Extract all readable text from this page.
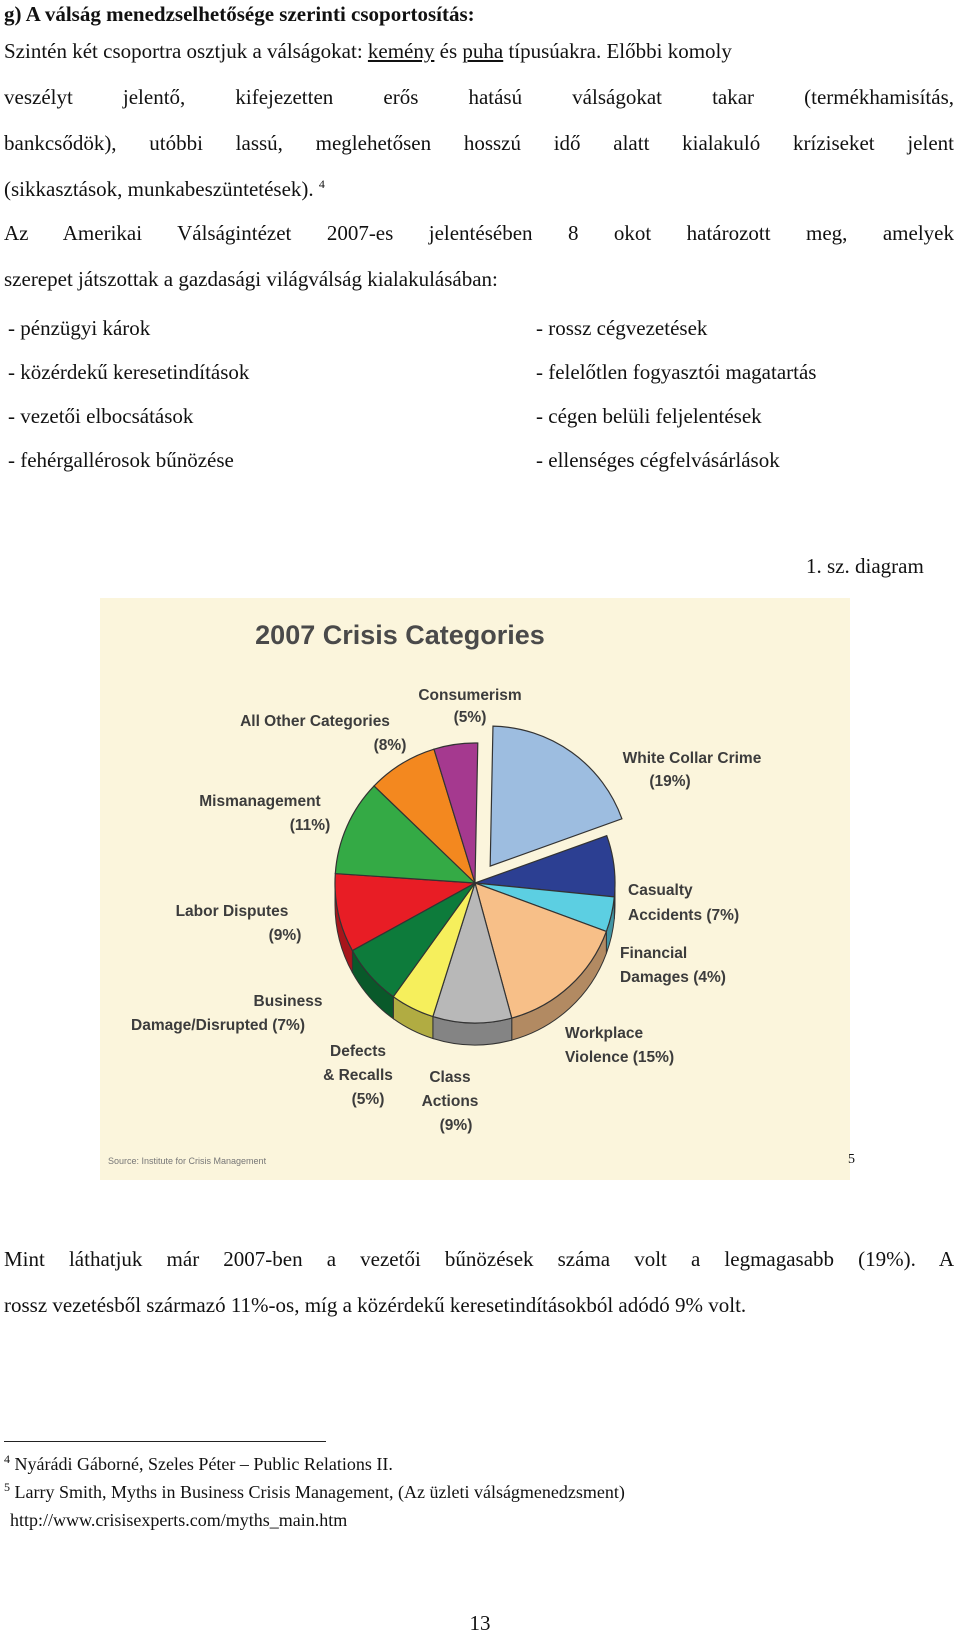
g) A válság menedzselhetősége szerinti csoportosítás:
Szintén két csoportra osztjuk a válságokat: kemény és puha típusúakra. Előbbi komoly
veszélyt jelentő, kifejezetten erős hatású válságokat takar (termékhamisítás,
bankcsődök), utóbbi lassú, meglehetősen hosszú idő alatt kialakuló kríziseket jelent
(sikkasztások, munkabeszüntetések). $^4$
Az Amerikai Válságintézet 2007-es jelentésében 8 okot határozott meg, amelyek
szerepet játszottak a gazdasági világválság kialakulásában:
- pénzügyi károk
- közérdekű keresetindítások
- vezetői elbocsátások
- fehérgallérosok bűnözése
- rossz cégvezetések
- felelőtlen fogyasztói magatartás
- cégen belüli feljelentések
- ellenséges cégfelvásárlások
1. sz. diagram
2007 Crisis Categories
Consumerism
(5%)
All Other Categories
(8%)
White Collar Crime
(19%)
Mismanagement
(11%)
Casualty
Accidents (7%)
Labor Disputes
(9%)
Financial
Damages (4%)
Business
Damage/Disrupted (7%)	Workplace
Violence (15%)
Defects
& Recalls
(5%)
Class
Actions
(9%)
Source: Institute for Crisis Management	5
Mint láthatjuk már 2007-ben a vezetői bűnözések száma volt a legmagasabb (19%). A
rossz vezetésből származó 11%-os, míg a közérdekű keresetindításokból adódó 9% volt.
$^4$ Nyárádi Gáborné, Szeles Péter – Public Relations II.
$^5$ Larry Smith, Myths in Business Crisis Management, (Az üzleti válságmenedzsment)
http://www.crisisexperts.com/myths_main.htm
13
